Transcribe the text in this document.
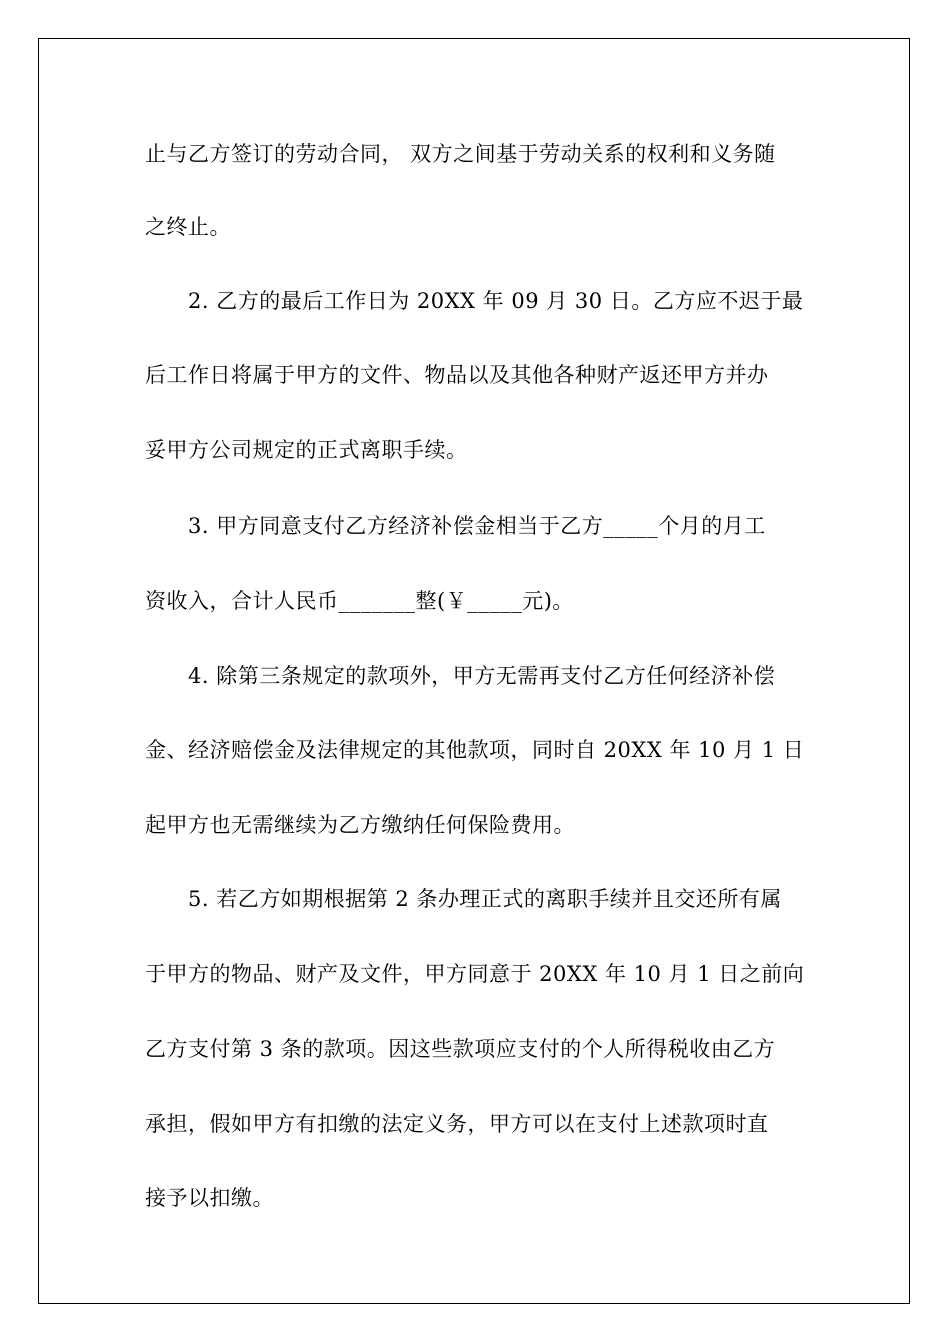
止与乙方签订的劳动合同， 双方之间基于劳动关系的权利和义务随
之终止。
2. 乙方的最后工作日为 20XX 年 09 月 30 日。乙方应不迟于最
后工作日将属于甲方的文件、物品以及其他各种财产返还甲方并办
妥甲方公司规定的正式离职手续。
3. 甲方同意支付乙方经济补偿金相当于乙方_____个月的月工
资收入，合计人民币_______整(￥_____元)。
4. 除第三条规定的款项外，甲方无需再支付乙方任何经济补偿
金、经济赔偿金及法律规定的其他款项，同时自 20XX 年 10 月 1 日
起甲方也无需继续为乙方缴纳任何保险费用。
5. 若乙方如期根据第 2 条办理正式的离职手续并且交还所有属
于甲方的物品、财产及文件，甲方同意于 20XX 年 10 月 1 日之前向
乙方支付第 3 条的款项。因这些款项应支付的个人所得税收由乙方
承担，假如甲方有扣缴的法定义务，甲方可以在支付上述款项时直
接予以扣缴。
